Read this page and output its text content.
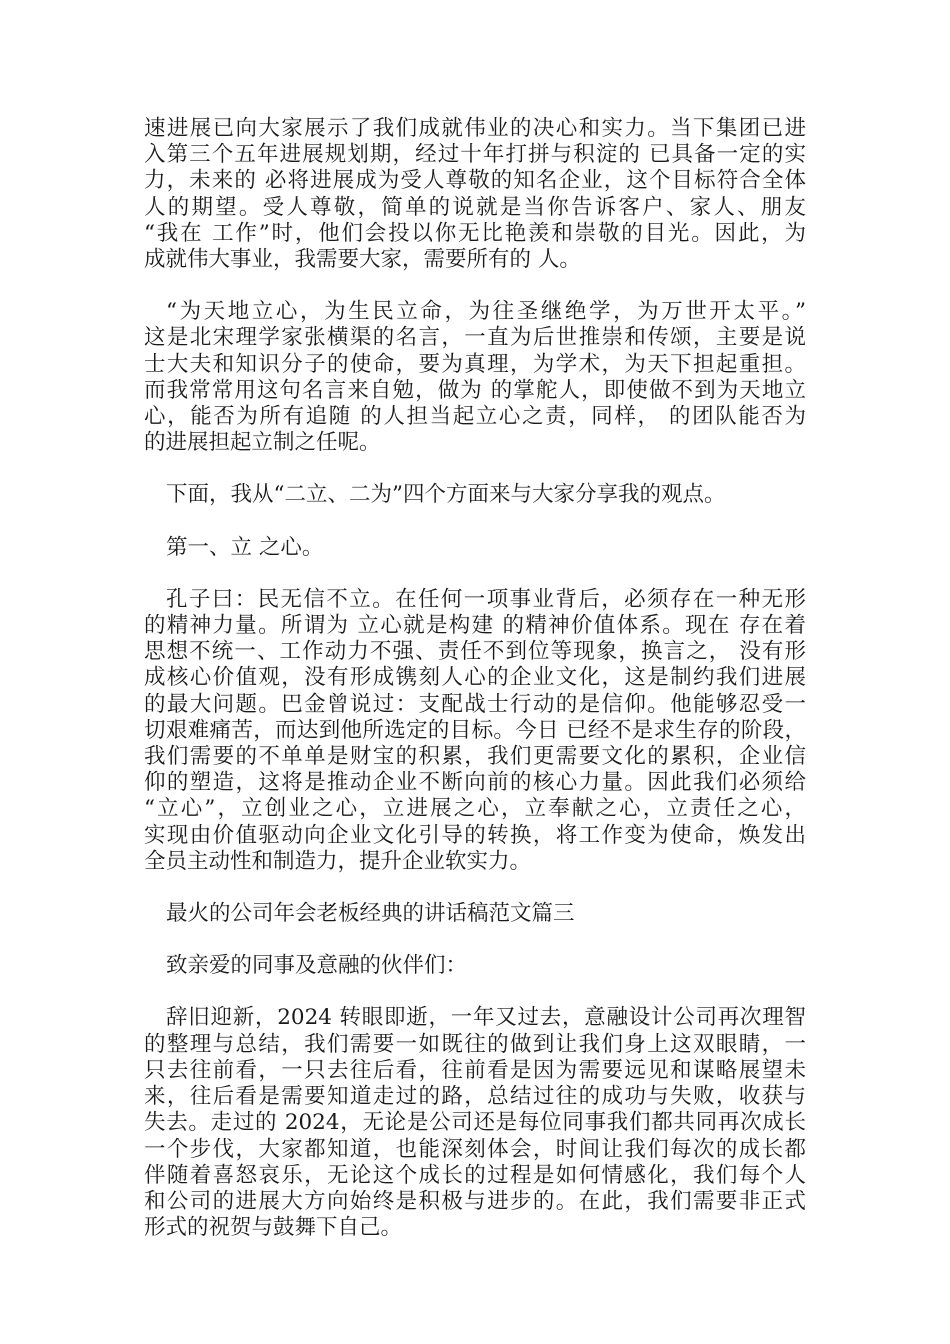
速进展已向大家展示了我们成就伟业的决心和实力。当下集团已进
入第三个五年进展规划期，经过十年打拼与积淀的 已具备一定的实
力，未来的 必将进展成为受人尊敬的知名企业，这个目标符合全体
人的期望。受人尊敬，简单的说就是当你告诉客户、家人、朋友
“我在 工作”时，他们会投以你无比艳羡和崇敬的目光。因此，为
成就伟大事业，我需要大家，需要所有的 人。
“为天地立心，为生民立命，为往圣继绝学，为万世开太平。”
这是北宋理学家张横渠的名言，一直为后世推崇和传颂，主要是说
士大夫和知识分子的使命，要为真理，为学术，为天下担起重担。
而我常常用这句名言来自勉，做为 的掌舵人，即使做不到为天地立
心，能否为所有追随 的人担当起立心之责，同样， 的团队能否为
的进展担起立制之任呢。
下面，我从“二立、二为”四个方面来与大家分享我的观点。
第一、立 之心。
孔子曰：民无信不立。在任何一项事业背后，必须存在一种无形
的精神力量。所谓为 立心就是构建 的精神价值体系。现在 存在着
思想不统一、工作动力不强、责任不到位等现象，换言之， 没有形
成核心价值观，没有形成镌刻人心的企业文化，这是制约我们进展
的最大问题。巴金曾说过：支配战士行动的是信仰。他能够忍受一
切艰难痛苦，而达到他所选定的目标。今日 已经不是求生存的阶段，
我们需要的不单单是财宝的积累，我们更需要文化的累积，企业信
仰的塑造，这将是推动企业不断向前的核心力量。因此我们必须给
“立心”，立创业之心，立进展之心，立奉献之心，立责任之心，
实现由价值驱动向企业文化引导的转换，将工作变为使命，焕发出
全员主动性和制造力，提升企业软实力。
最火的公司年会老板经典的讲话稿范文篇三
致亲爱的同事及意融的伙伴们：
辞旧迎新，2024 转眼即逝，一年又过去，意融设计公司再次理智
的整理与总结，我们需要一如既往的做到让我们身上这双眼睛，一
只去往前看，一只去往后看，往前看是因为需要远见和谋略展望未
来，往后看是需要知道走过的路，总结过往的成功与失败，收获与
失去。走过的 2024，无论是公司还是每位同事我们都共同再次成长
一个步伐，大家都知道，也能深刻体会，时间让我们每次的成长都
伴随着喜怒哀乐，无论这个成长的过程是如何情感化，我们每个人
和公司的进展大方向始终是积极与进步的。在此，我们需要非正式
形式的祝贺与鼓舞下自己。
